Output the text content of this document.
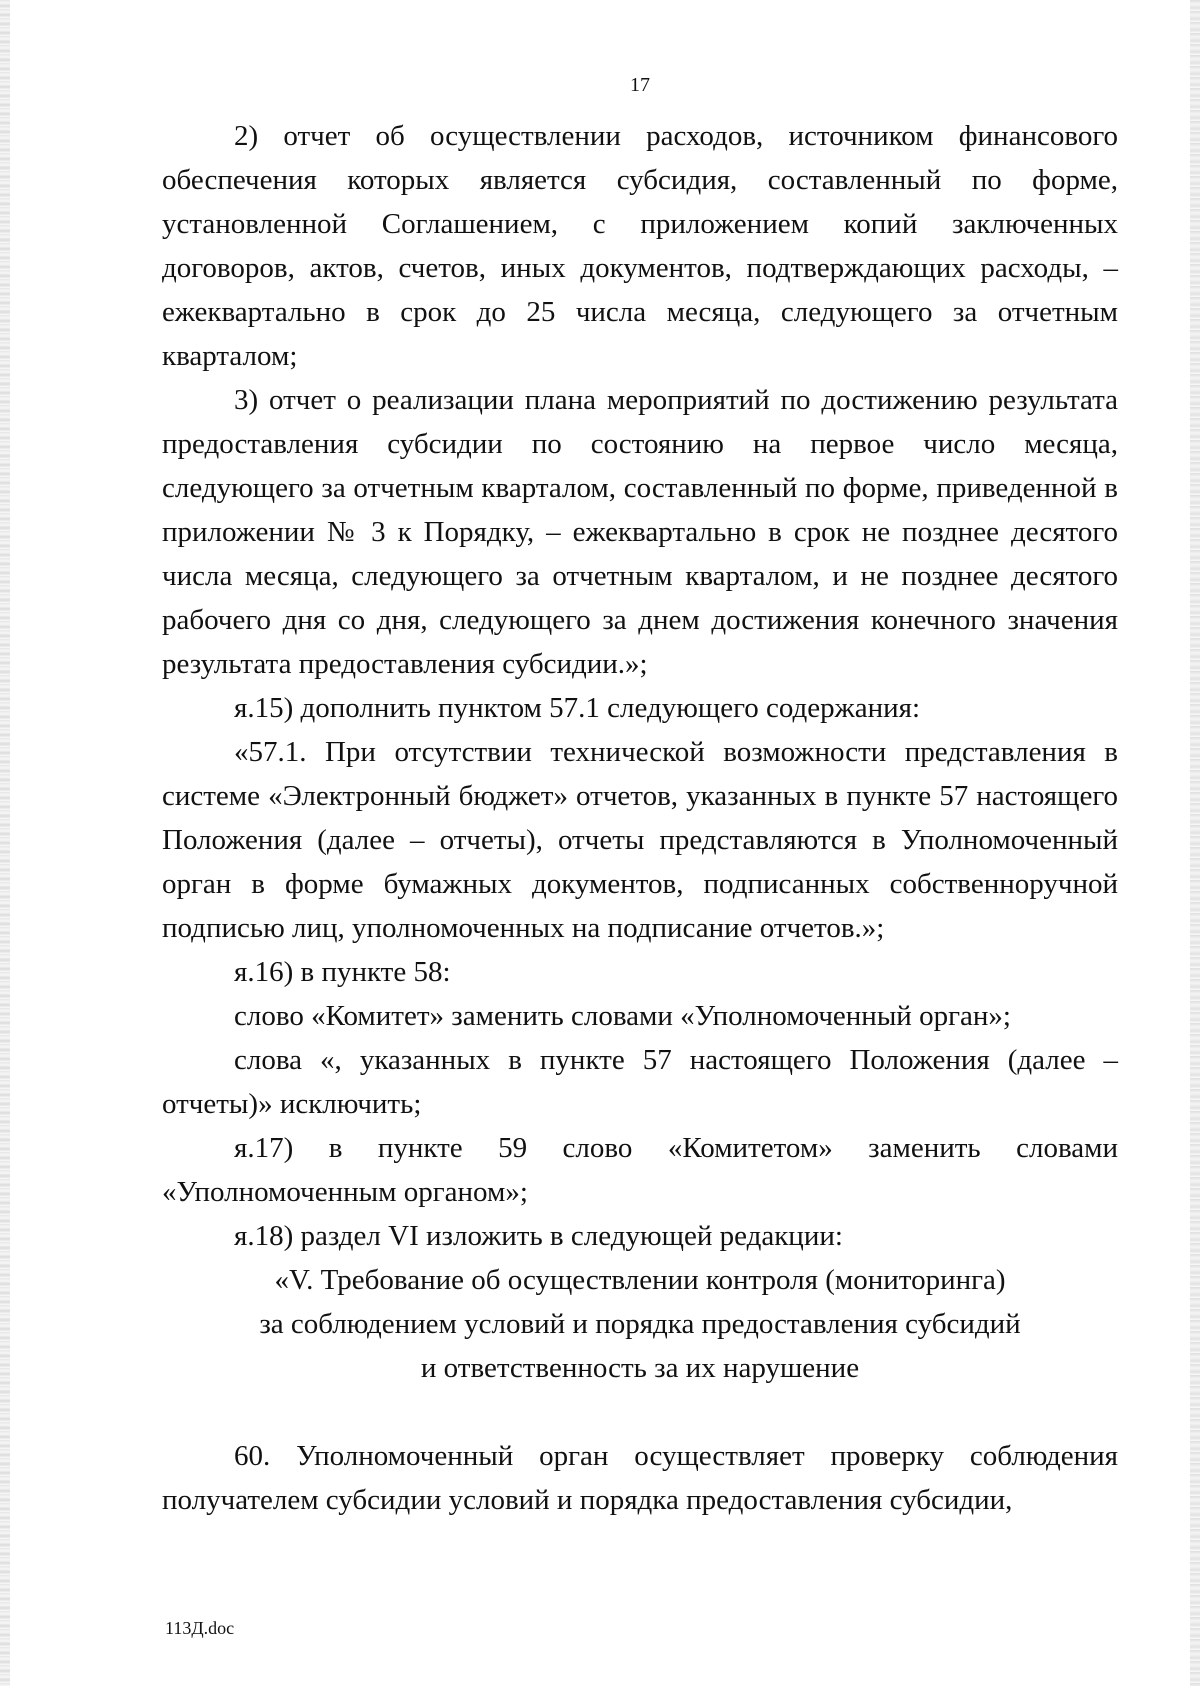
17

2) отчет об осуществлении расходов, источником финансового обеспечения которых является субсидия, составленный по форме, установленной Соглашением, с приложением копий заключенных договоров, актов, счетов, иных документов, подтверждающих расходы, – ежеквартально в срок до 25 числа месяца, следующего за отчетным кварталом;

3) отчет о реализации плана мероприятий по достижению результата предоставления субсидии по состоянию на первое число месяца, следующего за отчетным кварталом, составленный по форме, приведенной в приложении № 3 к Порядку, – ежеквартально в срок не позднее десятого числа месяца, следующего за отчетным кварталом, и не позднее десятого рабочего дня со дня, следующего за днем достижения конечного значения результата предоставления субсидии.»;

я.15) дополнить пунктом 57.1 следующего содержания:

«57.1. При отсутствии технической возможности представления в системе «Электронный бюджет» отчетов, указанных в пункте 57 настоящего Положения (далее – отчеты), отчеты представляются в Уполномоченный орган в форме бумажных документов, подписанных собственноручной подписью лиц, уполномоченных на подписание отчетов.»;

я.16) в пункте 58:

слово «Комитет» заменить словами «Уполномоченный орган»;

слова «, указанных в пункте 57 настоящего Положения (далее – отчеты)» исключить;

я.17) в пункте 59 слово «Комитетом» заменить словами «Уполномоченным органом»;

я.18) раздел VI изложить в следующей редакции:

«V. Требование об осуществлении контроля (мониторинга)

за соблюдением условий и порядка предоставления субсидий

и ответственность за их нарушение

60. Уполномоченный орган осуществляет проверку соблюдения получателем субсидии условий и порядка предоставления субсидии,

113Д.doc
